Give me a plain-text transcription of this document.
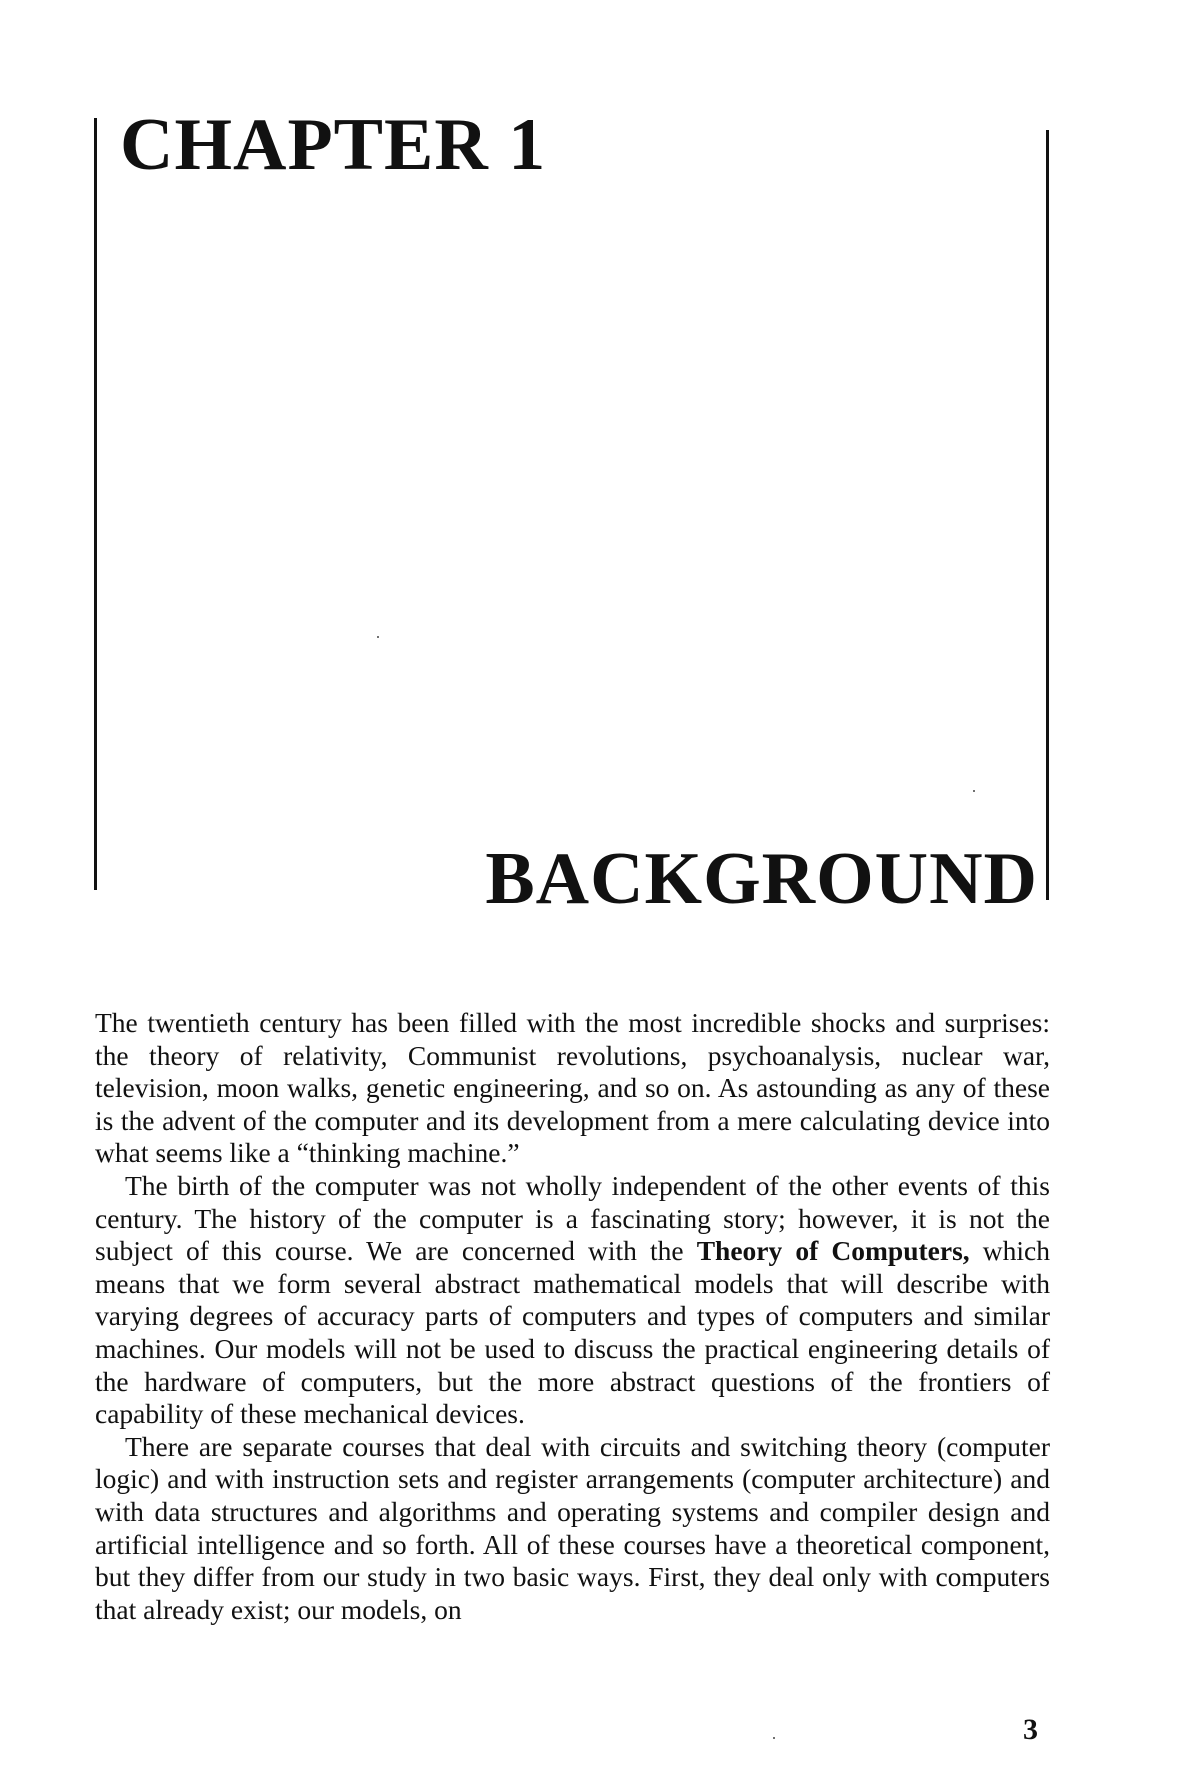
CHAPTER 1
BACKGROUND

The twentieth century has been filled with the most incredible shocks and surprises: the theory of relativity, Communist revolutions, psychoanalysis, nuclear war, television, moon walks, genetic engineering, and so on. As astounding as any of these is the advent of the computer and its development from a mere calculating device into what seems like a “thinking machine.”

The birth of the computer was not wholly independent of the other events of this century. The history of the computer is a fascinating story; however, it is not the subject of this course. We are concerned with the Theory of Computers, which means that we form several abstract mathematical models that will describe with varying degrees of accuracy parts of computers and types of computers and similar machines. Our models will not be used to discuss the practical engineering details of the hardware of computers, but the more abstract questions of the frontiers of capability of these mechanical devices.

There are separate courses that deal with circuits and switching theory (computer logic) and with instruction sets and register arrangements (computer architecture) and with data structures and algorithms and operating systems and compiler design and artificial intelligence and so forth. All of these courses have a theoretical component, but they differ from our study in two basic ways. First, they deal only with computers that already exist; our models, on

3
